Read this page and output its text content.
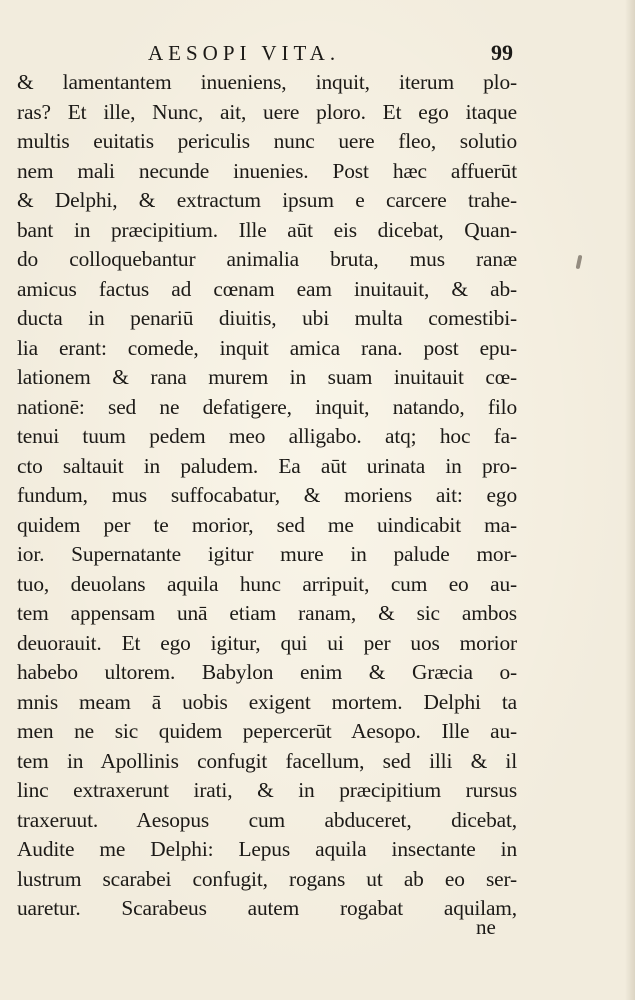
AESOPI VITA.	99
& lamentantem inueniens, inquit, iterum plo-
ras? Et ille, Nunc, ait, uere ploro. Et ego itaque
multis euitatis periculis nunc uere fleo, solutio
nem mali necunde inuenies. Post hæc affuerūt
& Delphi, & extractum ipsum e carcere trahe-
bant in præcipitium. Ille aūt eis dicebat, Quan-
do colloquebantur animalia bruta, mus ranæ
amicus factus ad cœnam eam inuitauit, & ab-
ducta in penariū diuitis, ubi multa comestibi-
lia erant: comede, inquit amica rana. post epu-
lationem & rana murem in suam inuitauit cœ-
nationē: sed ne defatigere, inquit, natando, filo
tenui tuum pedem meo alligabo. atq; hoc fa-
cto saltauit in paludem. Ea aūt urinata in pro-
fundum, mus suffocabatur, & moriens ait: ego
quidem per te morior, sed me uindicabit ma-
ior. Supernatante igitur mure in palude mor-
tuo, deuolans aquila hunc arripuit, cum eo au-
tem appensam unā etiam ranam, & sic ambos
deuorauit. Et ego igitur, qui ui per uos morior
habebo ultorem. Babylon enim & Græcia o-
mnis meam ā uobis exigent mortem. Delphi ta
men ne sic quidem pepercerūt Aesopo. Ille au-
tem in Apollinis confugit facellum, sed illi & il
linc extraxerunt irati, & in præcipitium rursus
traxeruut. Aesopus cum abduceret, dicebat,
Audite me Delphi: Lepus aquila insectante in
lustrum scarabei confugit, rogans ut ab eo ser-
uaretur. Scarabeus autem rogabat aquilam,
ne
